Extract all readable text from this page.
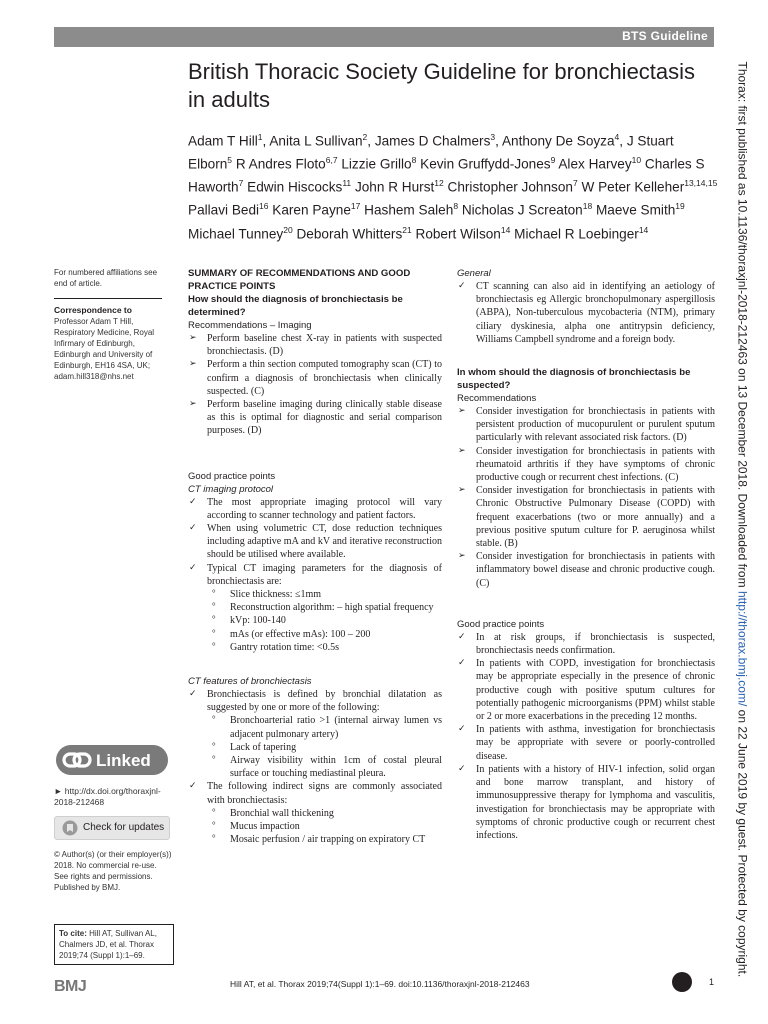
BTS Guideline
British Thoracic Society Guideline for bronchiectasis in adults
Adam T Hill$^1$, Anita L Sullivan$^2$, James D Chalmers$^3$, Anthony De Soyza$^4$, J Stuart Elborn$^5$ R Andres Floto$^{6,7}$ Lizzie Grillo$^8$ Kevin Gruffydd-Jones$^9$ Alex Harvey$^{10}$ Charles S Haworth$^7$ Edwin Hiscocks$^{11}$ John R Hurst$^{12}$ Christopher Johnson$^7$ W Peter Kelleher$^{13,14,15}$ Pallavi Bedi$^{16}$ Karen Payne$^{17}$ Hashem Saleh$^8$ Nicholas J Screaton$^{18}$ Maeve Smith$^{19}$ Michael Tunney$^{20}$ Deborah Whitters$^{21}$ Robert Wilson$^{14}$ Michael R Loebinger$^{14}$
For numbered affiliations see end of article.
Correspondence to
Professor Adam T Hill, Respiratory Medicine, Royal Infirmary of Edinburgh, Edinburgh and University of Edinburgh, EH16 4SA, UK; adam.hill318@nhs.net
Linked
► http://dx.doi.org/thoraxjnl-2018-212468
Check for updates
© Author(s) (or their employer(s)) 2018. No commercial re-use. See rights and permissions. Published by BMJ.
To cite: Hill AT, Sullivan AL, Chalmers JD, et al. Thorax 2019;74 (Suppl 1):1–69.
SUMMARY OF RECOMMENDATIONS AND GOOD PRACTICE POINTS
How should the diagnosis of bronchiectasis be determined?
Recommendations – Imaging
➢ Perform baseline chest X-ray in patients with suspected bronchiectasis. (D)
➢ Perform a thin section computed tomography scan (CT) to confirm a diagnosis of bronchiectasis when clinically suspected. (C)
➢ Perform baseline imaging during clinically stable disease as this is optimal for diagnostic and serial comparison purposes. (D)
Good practice points
CT imaging protocol
✓ The most appropriate imaging protocol will vary according to scanner technology and patient factors.
✓ When using volumetric CT, dose reduction techniques including adaptive mA and kV and iterative reconstruction should be utilised where available.
✓ Typical CT imaging parameters for the diagnosis of bronchiectasis are:
° Slice thickness: ≤1mm
° Reconstruction algorithm: – high spatial frequency
° kVp: 100-140
° mAs (or effective mAs): 100 – 200
° Gantry rotation time: <0.5s
CT features of bronchiectasis
✓ Bronchiectasis is defined by bronchial dilatation as suggested by one or more of the following:
° Bronchoarterial ratio >1 (internal airway lumen vs adjacent pulmonary artery)
° Lack of tapering
° Airway visibility within 1cm of costal pleural surface or touching mediastinal pleura.
✓ The following indirect signs are commonly associated with bronchiectasis:
° Bronchial wall thickening
° Mucus impaction
° Mosaic perfusion / air trapping on expiratory CT
General
✓ CT scanning can also aid in identifying an aetiology of bronchiectasis eg Allergic bronchopulmonary aspergillosis (ABPA), Non-tuberculous mycobacteria (NTM), primary ciliary dyskinesia, alpha one antitrypsin deficiency, Williams Campbell syndrome and a foreign body.
In whom should the diagnosis of bronchiectasis be suspected?
Recommendations
➢ Consider investigation for bronchiectasis in patients with persistent production of mucopurulent or purulent sputum particularly with relevant associated risk factors. (D)
➢ Consider investigation for bronchiectasis in patients with rheumatoid arthritis if they have symptoms of chronic productive cough or recurrent chest infections. (C)
➢ Consider investigation for bronchiectasis in patients with Chronic Obstructive Pulmonary Disease (COPD) with frequent exacerbations (two or more annually) and a previous positive sputum culture for P. aeruginosa whilst stable. (B)
➢ Consider investigation for bronchiectasis in patients with inflammatory bowel disease and chronic productive cough. (C)
Good practice points
✓ In at risk groups, if bronchiectasis is suspected, bronchiectasis needs confirmation.
✓ In patients with COPD, investigation for bronchiectasis may be appropriate especially in the presence of chronic productive cough with positive sputum cultures for potentially pathogenic microorganisms (PPM) whilst stable or 2 or more exacerbations in the preceding 12 months.
✓ In patients with asthma, investigation for bronchiectasis may be appropriate with severe or poorly-controlled disease.
✓ In patients with a history of HIV-1 infection, solid organ and bone marrow transplant, and history of immunosuppressive therapy for lymphoma and vasculitis, investigation for bronchiectasis may be appropriate with symptoms of chronic productive cough or recurrent chest infections.
Thorax: first published as 10.1136/thoraxjnl-2018-212463 on 13 December 2018. Downloaded from http://thorax.bmj.com/ on 22 June 2019 by guest. Protected by copyright.
BMJ	Hill AT, et al. Thorax 2019;74(Suppl 1):1–69. doi:10.1136/thoraxjnl-2018-212463	1
